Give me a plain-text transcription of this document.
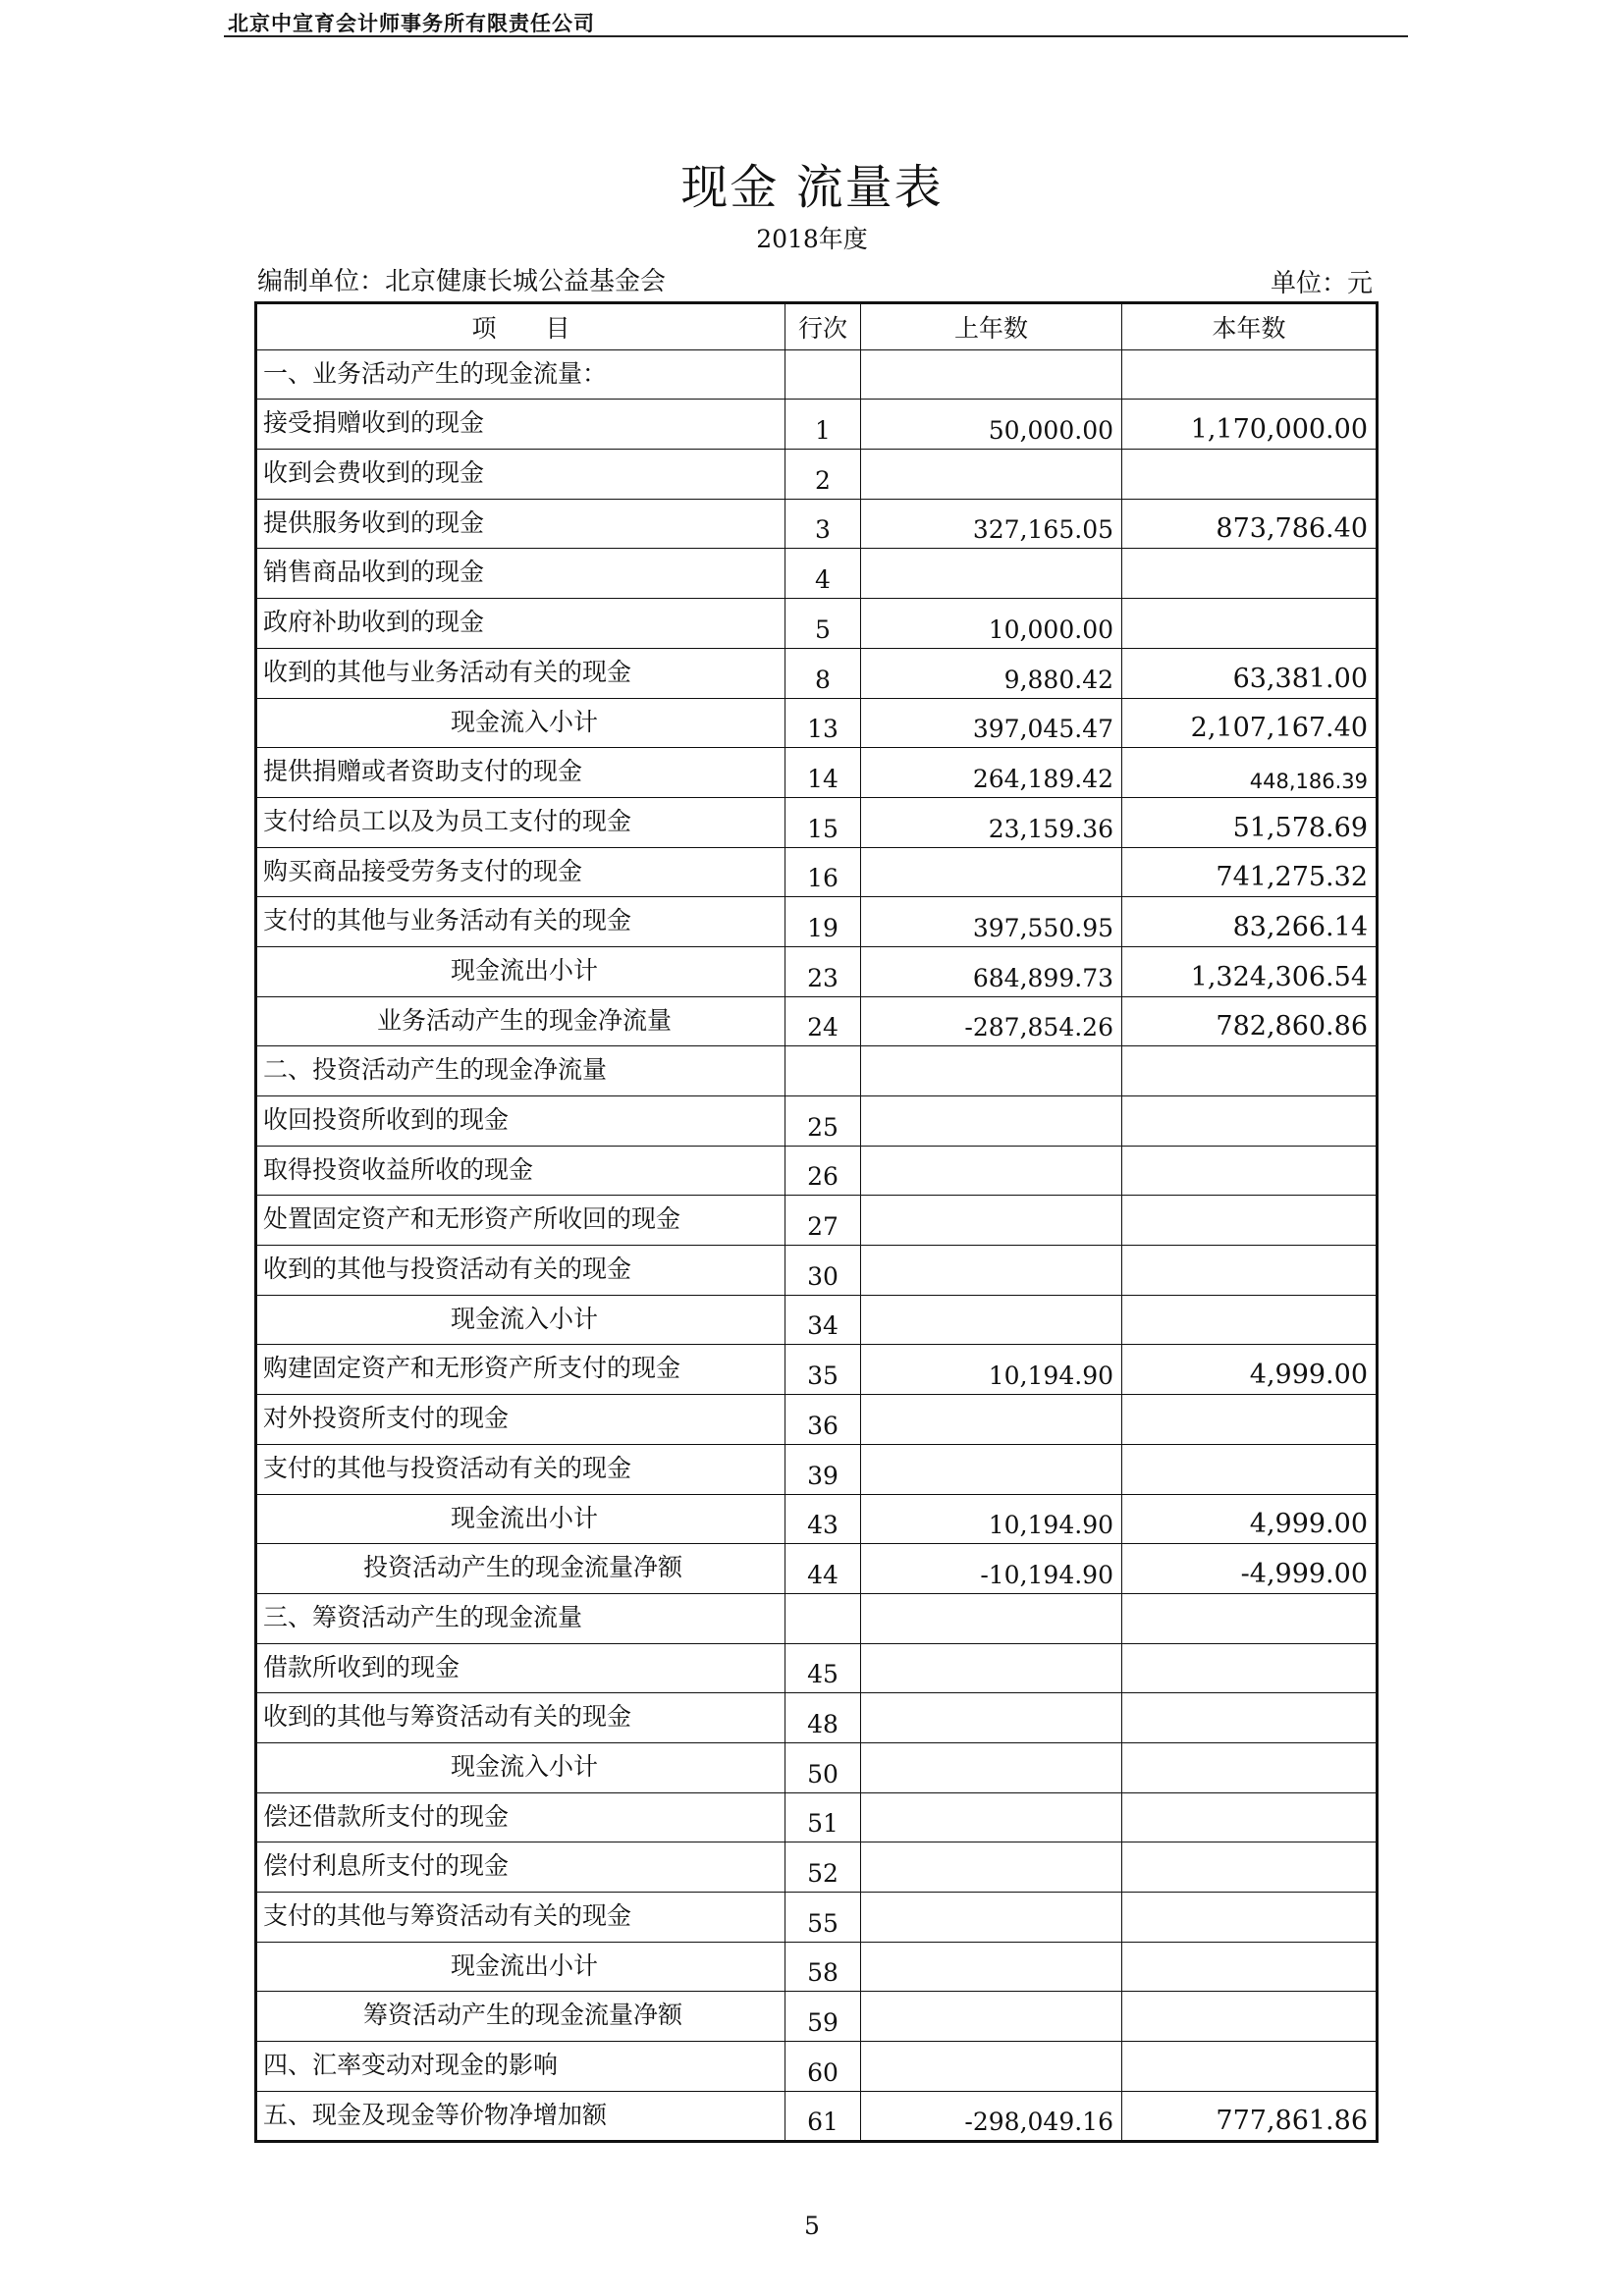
北京中宣育会计师事务所有限责任公司
现金 流量表
2018年度
编制单位：北京健康长城公益基金会	单位：元
项　　目	行次	上年数	本年数
一、业务活动产生的现金流量：			
接受捐赠收到的现金	1	50,000.00	1,170,000.00
收到会费收到的现金	2		
提供服务收到的现金	3	327,165.05	873,786.40
销售商品收到的现金	4		
政府补助收到的现金	5	10,000.00	
收到的其他与业务活动有关的现金	8	9,880.42	63,381.00
现金流入小计	13	397,045.47	2,107,167.40
提供捐赠或者资助支付的现金	14	264,189.42	448,186.39
支付给员工以及为员工支付的现金	15	23,159.36	51,578.69
购买商品接受劳务支付的现金	16		741,275.32
支付的其他与业务活动有关的现金	19	397,550.95	83,266.14
现金流出小计	23	684,899.73	1,324,306.54
业务活动产生的现金净流量	24	-287,854.26	782,860.86
二、投资活动产生的现金净流量			
收回投资所收到的现金	25		
取得投资收益所收的现金	26		
处置固定资产和无形资产所收回的现金	27		
收到的其他与投资活动有关的现金	30		
现金流入小计	34		
购建固定资产和无形资产所支付的现金	35	10,194.90	4,999.00
对外投资所支付的现金	36		
支付的其他与投资活动有关的现金	39		
现金流出小计	43	10,194.90	4,999.00
投资活动产生的现金流量净额	44	-10,194.90	-4,999.00
三、筹资活动产生的现金流量			
借款所收到的现金	45		
收到的其他与筹资活动有关的现金	48		
现金流入小计	50		
偿还借款所支付的现金	51		
偿付利息所支付的现金	52		
支付的其他与筹资活动有关的现金	55		
现金流出小计	58		
筹资活动产生的现金流量净额	59		
四、汇率变动对现金的影响	60		
五、现金及现金等价物净增加额	61	-298,049.16	777,861.86
5
